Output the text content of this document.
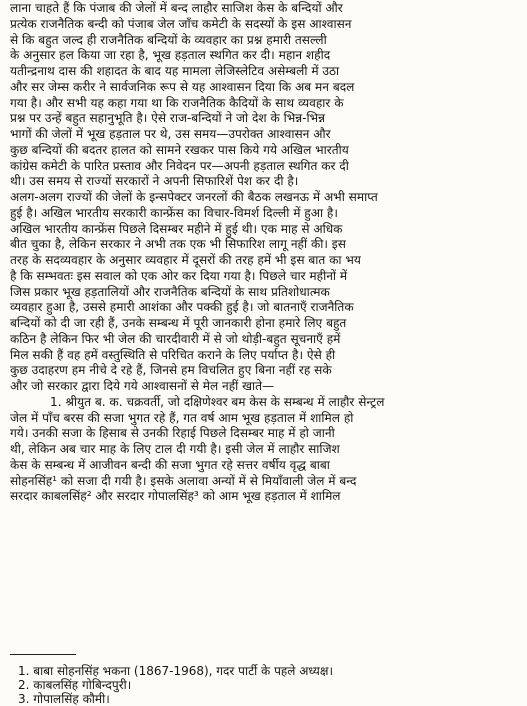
लाना चाहते हैं कि पंजाब की जेलों में बन्द लाहौर साजिश केस के बन्दियों और
प्रत्येक राजनैतिक बन्दी को पंजाब जेल जाँच कमेटी के सदस्यों के इस आश्वासन
से कि बहुत जल्द ही राजनैतिक बन्दियों के व्यवहार का प्रश्न हमारी तसल्ली
के अनुसार हल किया जा रहा है, भूख हड़ताल स्थगित कर दी। महान शहीद
यतीन्द्रनाथ दास की शहादत के बाद यह मामला लेजिस्लेटिव असेम्बली में उठा
और सर जेम्स करीर ने सार्वजनिक रूप से यह आश्वासन दिया कि अब मन बदल
गया है। और सभी यह कहा गया था कि राजनैतिक कैदियों के साथ व्यवहार के
प्रश्न पर उन्हें बहुत सहानुभूति है। ऐसे राज-बन्दियों ने जो देश के भिन्न-भिन्न
भागों की जेलों में भूख हड़ताल पर थे, उस समय—उपरोक्त आश्वासन और
कुछ बन्दियों की बदतर हालत को सामने रखकर पास किये गये अखिल भारतीय
कांग्रेस कमेटी के पारित प्रस्ताव और निवेदन पर—अपनी हड़ताल स्थगित कर दी
थी। उस समय से राज्यों सरकारों ने अपनी सिफारिशें पेश कर दी है।
अलग-अलग राज्यों की जेलों के इन्सपेक्टर जनरलों की बैठक लखनऊ में अभी समाप्त
हुई है। अखिल भारतीय सरकारी कान्फ्रेंस का विचार-विमर्श दिल्ली में हुआ है।
अखिल भारतीय कान्फ्रेंस पिछले दिसम्बर महीने में हुई थी। एक माह से अधिक
बीत चुका है, लेकिन सरकार ने अभी तक एक भी सिफारिश लागू नहीं की। इस
तरह के सदव्यवहार के अनुसार व्यवहार में दूसरों की तरह हमें भी इस बात का भय
है कि सम्भवतः इस सवाल को एक ओर कर दिया गया है। पिछले चार महीनों में
जिस प्रकार भूख हड़तालियों और राजनैतिक बन्दियों के साथ प्रतिशोधात्मक
व्यवहार हुआ है, उससे हमारी आशंका और पक्की हुई है। जो बातनाएँ राजनैतिक
बन्दियों को दी जा रही हैं, उनके सम्बन्ध में पूरी जानकारी होना हमारे लिए बहुत
कठिन है लेकिन फिर भी जेल की चारदीवारी में से जो थोड़ी-बहुत सूचनाएँ हमें
मिल सकी हैं वह हमें वस्तुस्थिति से परिचित कराने के लिए पर्याप्त है। ऐसे ही
कुछ उदाहरण हम नीचे दे रहे हैं, जिनसे हम विचलित हुए बिना नहीं रह सके
और जो सरकार द्वारा दिये गये आश्वासनों से मेल नहीं खाते—
1. श्रीयुत ब. क. चक्रवर्ती, जो दक्षिणेश्वर बम केस के सम्बन्ध में लाहौर सेन्ट्रल
जेल में पाँच बरस की सजा भुगत रहे हैं, गत वर्ष आम भूख हड़ताल में शामिल हो
गये। उनकी सजा के हिसाब से उनकी रिहाई पिछले दिसम्बर माह में हो जानी
थी, लेकिन अब चार माह के लिए टाल दी गयी है। इसी जेल में लाहौर साजिश
केस के सम्बन्ध में आजीवन बन्दी की सजा भुगत रहे सत्तर वर्षीय वृद्ध बाबा
सोहनसिंह¹ को सजा दी गयी है। इसके अलावा अन्यों में से मियाँवाली जेल में बन्द
सरदार काबलसिंह² और सरदार गोपालसिंह³ को आम भूख हड़ताल में शामिल
1. बाबा सोहनसिंह भकना (1867-1968), गदर पार्टी के पहले अध्यक्ष।
2. काबलसिंह गोबिन्दपुरी।
3. गोपालसिंह कौमी।
